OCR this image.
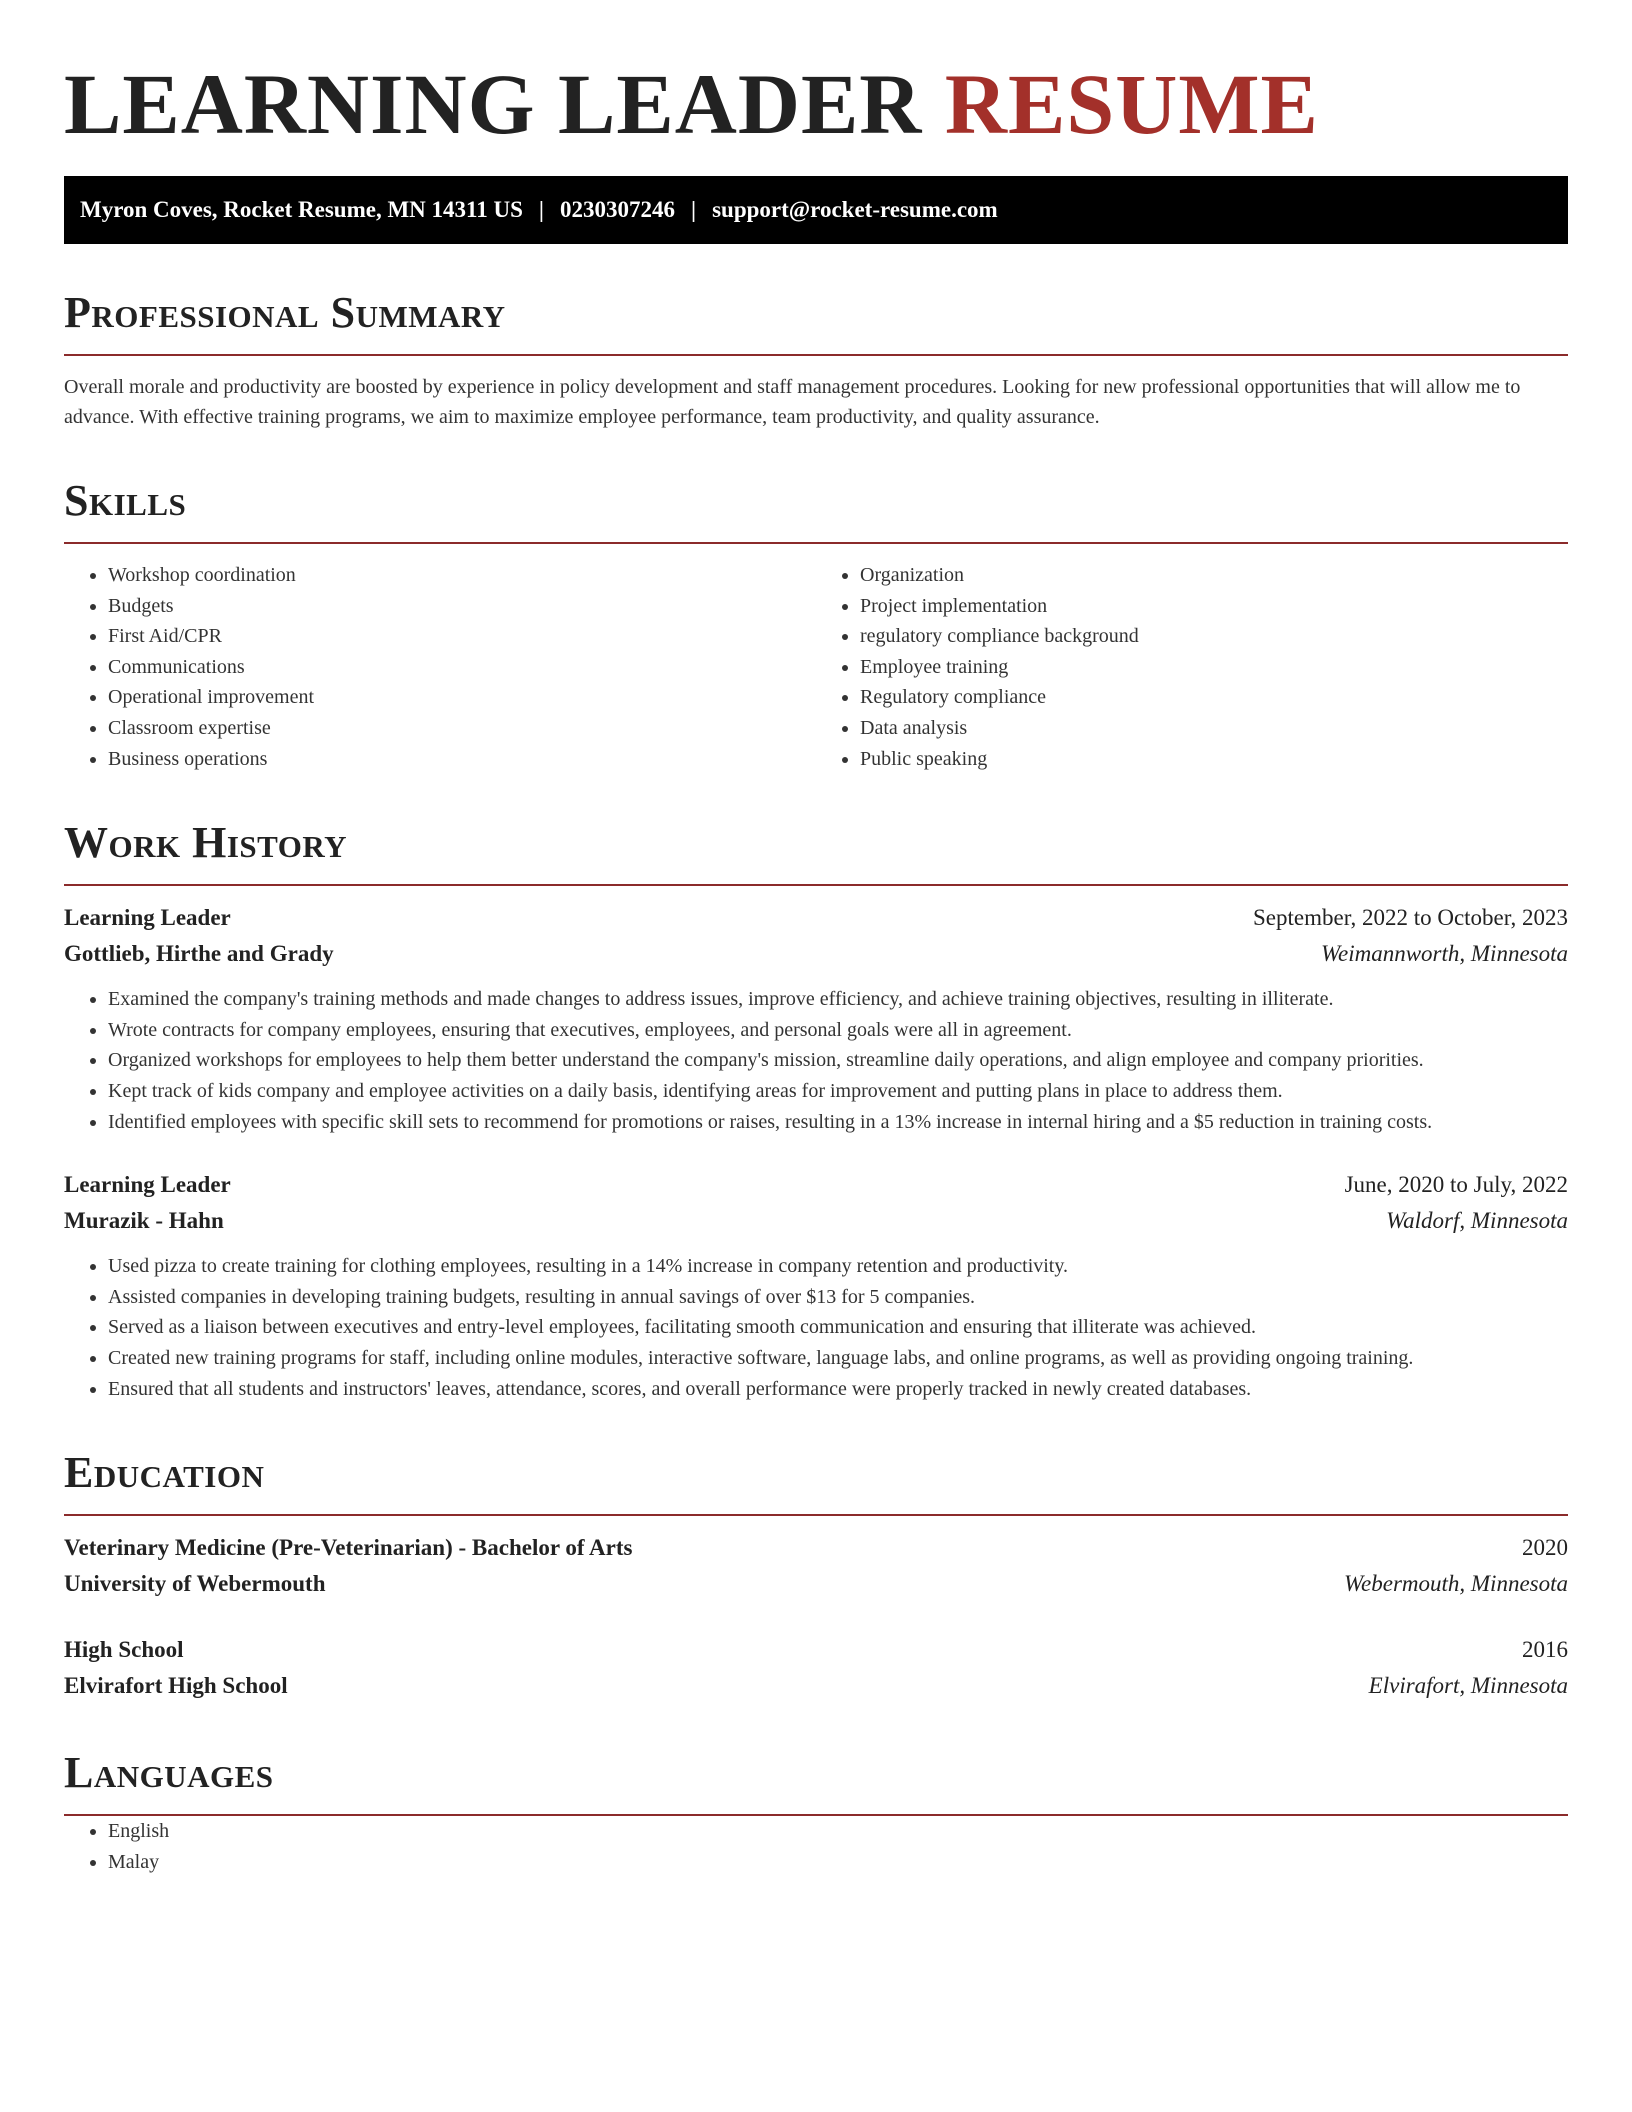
LEARNING LEADER RESUME
Myron Coves, Rocket Resume, MN 14311 US | 0230307246 | support@rocket-resume.com
Professional Summary

Overall morale and productivity are boosted by experience in policy development and staff management procedures. Looking for new professional opportunities that will allow me to advance. With effective training programs, we aim to maximize employee performance, team productivity, and quality assurance.

Skills
• Workshop coordination
• Budgets
• First Aid/CPR
• Communications
• Operational improvement
• Classroom expertise
• Business operations
• Organization
• Project implementation
• regulatory compliance background
• Employee training
• Regulatory compliance
• Data analysis
• Public speaking
Work History
Learning Leader	September, 2022 to October, 2023
Gottlieb, Hirthe and Grady	Weimannworth, Minnesota
• Examined the company's training methods and made changes to address issues, improve efficiency, and achieve training objectives, resulting in illiterate.
• Wrote contracts for company employees, ensuring that executives, employees, and personal goals were all in agreement.
• Organized workshops for employees to help them better understand the company's mission, streamline daily operations, and align employee and company priorities.
• Kept track of kids company and employee activities on a daily basis, identifying areas for improvement and putting plans in place to address them.
• Identified employees with specific skill sets to recommend for promotions or raises, resulting in a 13% increase in internal hiring and a $5 reduction in training costs.
Learning Leader	June, 2020 to July, 2022
Murazik - Hahn	Waldorf, Minnesota
• Used pizza to create training for clothing employees, resulting in a 14% increase in company retention and productivity.
• Assisted companies in developing training budgets, resulting in annual savings of over $13 for 5 companies.
• Served as a liaison between executives and entry-level employees, facilitating smooth communication and ensuring that illiterate was achieved.
• Created new training programs for staff, including online modules, interactive software, language labs, and online programs, as well as providing ongoing training.
• Ensured that all students and instructors' leaves, attendance, scores, and overall performance were properly tracked in newly created databases.
Education
Veterinary Medicine (Pre-Veterinarian) - Bachelor of Arts	2020
University of Webermouth	Webermouth, Minnesota
High School	2016
Elvirafort High School	Elvirafort, Minnesota
Languages
• English
• Malay
